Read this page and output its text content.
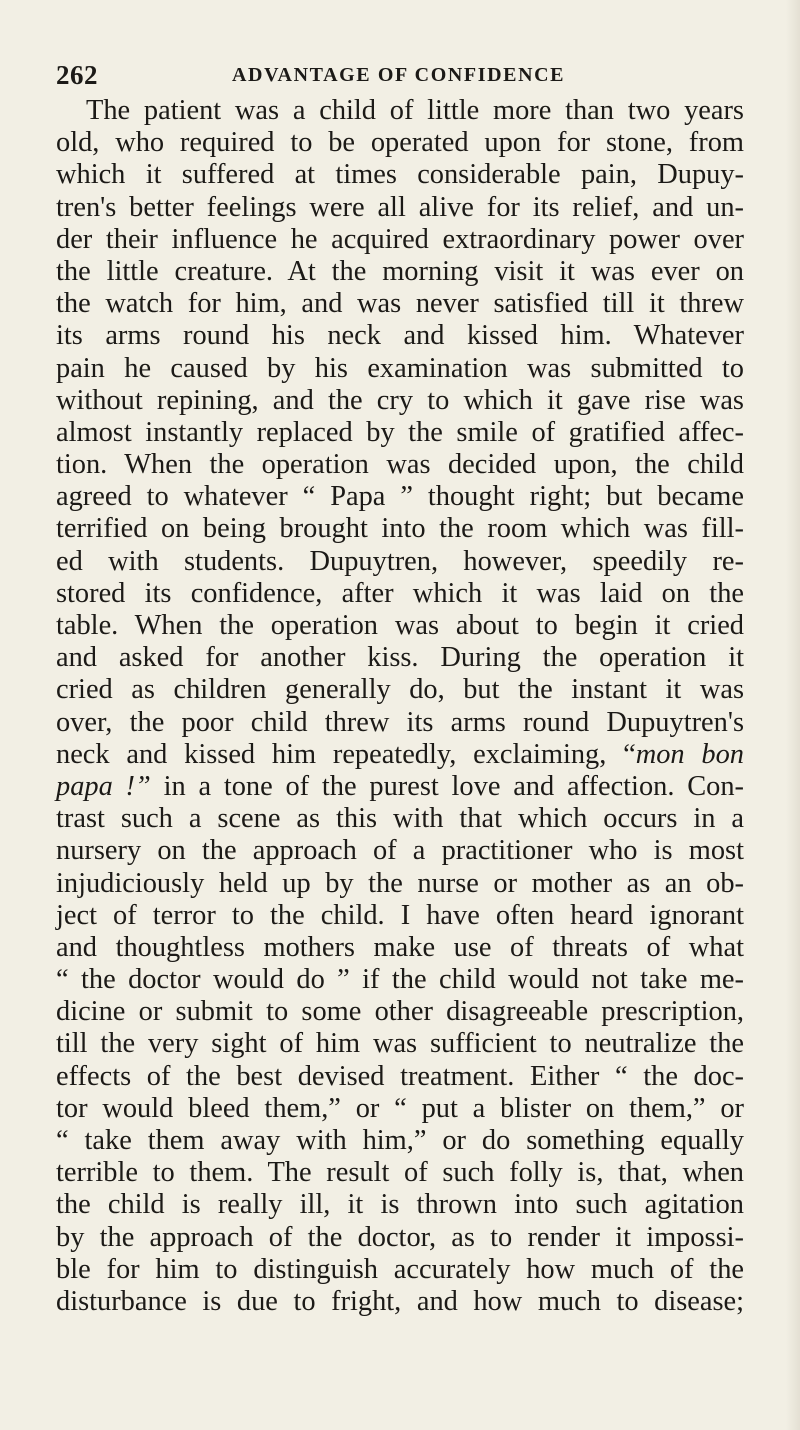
262	ADVANTAGE OF CONFIDENCE
The patient was a child of little more than two years
old, who required to be operated upon for stone, from
which it suffered at times considerable pain, Dupuy-
tren's better feelings were all alive for its relief, and un-
der their influence he acquired extraordinary power over
the little creature. At the morning visit it was ever on
the watch for him, and was never satisfied till it threw
its arms round his neck and kissed him. Whatever
pain he caused by his examination was submitted to
without repining, and the cry to which it gave rise was
almost instantly replaced by the smile of gratified affec-
tion. When the operation was decided upon, the child
agreed to whatever “ Papa ” thought right; but became
terrified on being brought into the room which was fill-
ed with students. Dupuytren, however, speedily re-
stored its confidence, after which it was laid on the
table. When the operation was about to begin it cried
and asked for another kiss. During the operation it
cried as children generally do, but the instant it was
over, the poor child threw its arms round Dupuytren's
neck and kissed him repeatedly, exclaiming, “mon bon
papa !” in a tone of the purest love and affection. Con-
trast such a scene as this with that which occurs in a
nursery on the approach of a practitioner who is most
injudiciously held up by the nurse or mother as an ob-
ject of terror to the child. I have often heard ignorant
and thoughtless mothers make use of threats of what
“ the doctor would do ” if the child would not take me-
dicine or submit to some other disagreeable prescription,
till the very sight of him was sufficient to neutralize the
effects of the best devised treatment. Either “ the doc-
tor would bleed them,” or “ put a blister on them,” or
“ take them away with him,” or do something equally
terrible to them. The result of such folly is, that, when
the child is really ill, it is thrown into such agitation
by the approach of the doctor, as to render it impossi-
ble for him to distinguish accurately how much of the
disturbance is due to fright, and how much to disease;
